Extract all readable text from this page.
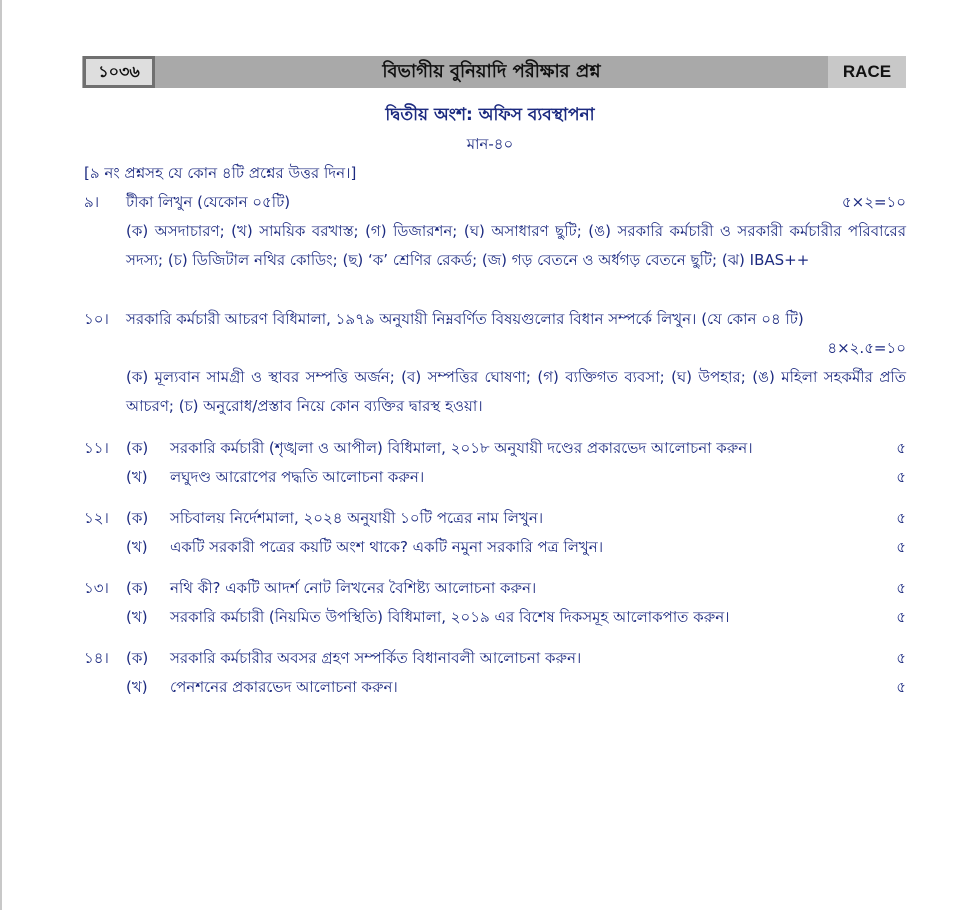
১০৩৬	বিভাগীয় বুনিয়াদি পরীক্ষার প্রশ্ন	RACE
দ্বিতীয় অংশ: অফিস ব্যবস্থাপনা
মান-৪০
[৯ নং প্রশ্নসহ যে কোন ৪টি প্রশ্নের উত্তর দিন।]
৯। টীকা লিখুন (যেকোন ০৫টি)	৫×২=১০
(ক) অসদাচারণ; (খ) সাময়িক বরখাস্ত; (গ) ডিজারশন; (ঘ) অসাধারণ ছুটি; (ঙ) সরকারি কর্মচারী ও সরকারী কর্মচারীর পরিবারের সদস্য; (চ) ডিজিটাল নথির কোডিং; (ছ) ‘ক’ শ্রেণির রেকর্ড; (জ) গড় বেতনে ও অর্ধগড় বেতনে ছুটি; (ঝ) IBAS++
১০। সরকারি কর্মচারী আচরণ বিধিমালা, ১৯৭৯ অনুযায়ী নিম্নবর্ণিত বিষয়গুলোর বিধান সম্পর্কে লিখুন। (যে কোন ০৪ টি)
৪×২.৫=১০
(ক) মূল্যবান সামগ্রী ও স্থাবর সম্পত্তি অর্জন; (ব) সম্পত্তির ঘোষণা; (গ) ব্যক্তিগত ব্যবসা; (ঘ) উপহার; (ঙ) মহিলা সহকর্মীর প্রতি আচরণ; (চ) অনুরোধ/প্রস্তাব নিয়ে কোন ব্যক্তির দ্বারস্থ হওয়া।
১১। (ক) সরকারি কর্মচারী (শৃঙ্খলা ও আপীল) বিধিমালা, ২০১৮ অনুযায়ী দণ্ডের প্রকারভেদ আলোচনা করুন।	৫
(খ) লঘুদণ্ড আরোপের পদ্ধতি আলোচনা করুন।	৫
১২। (ক) সচিবালয় নির্দেশমালা, ২০২৪ অনুযায়ী ১০টি পত্রের নাম লিখুন।	৫
(খ) একটি সরকারী পত্রের কয়টি অংশ থাকে? একটি নমুনা সরকারি পত্র লিখুন।	৫
১৩। (ক) নথি কী? একটি আদর্শ নোট লিখনের বৈশিষ্ট্য আলোচনা করুন।	৫
(খ) সরকারি কর্মচারী (নিয়মিত উপস্থিতি) বিধিমালা, ২০১৯ এর বিশেষ দিকসমূহ আলোকপাত করুন।	৫
১৪। (ক) সরকারি কর্মচারীর অবসর গ্রহণ সম্পর্কিত বিধানাবলী আলোচনা করুন।	৫
(খ) পেনশনের প্রকারভেদ আলোচনা করুন।	৫
